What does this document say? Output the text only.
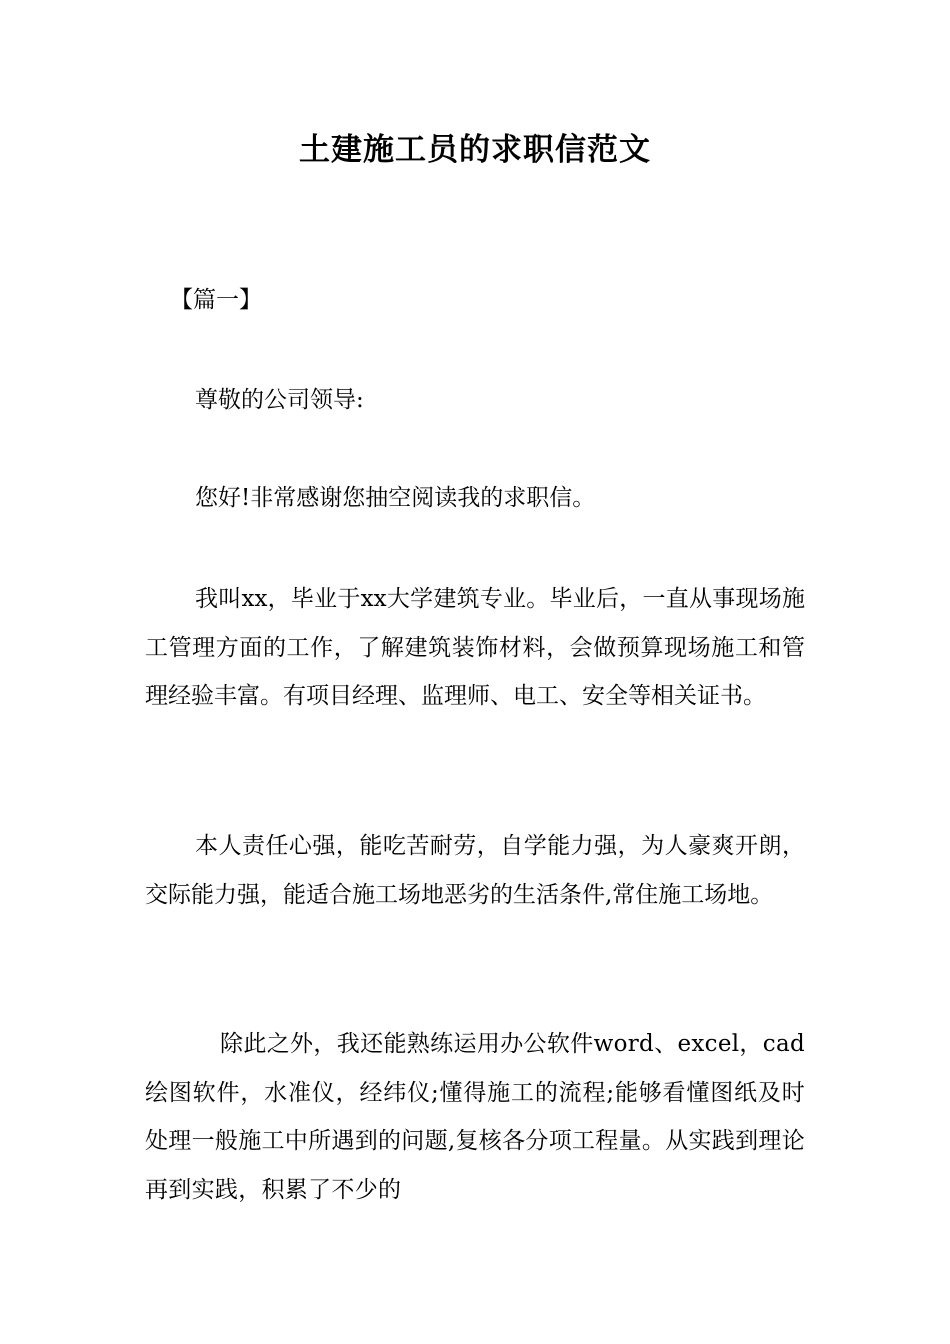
土建施工员的求职信范文
【篇一】

尊敬的公司领导:

您好!非常感谢您抽空阅读我的求职信。

我叫xx，毕业于xx大学建筑专业。毕业后，一直从事现场施工管理方面的工作，了解建筑装饰材料，会做预算现场施工和管理经验丰富。有项目经理、监理师、电工、安全等相关证书。

本人责任心强，能吃苦耐劳，自学能力强，为人豪爽开朗，交际能力强，能适合施工场地恶劣的生活条件,常住施工场地。

除此之外，我还能熟练运用办公软件word、excel，cad绘图软件，水准仪，经纬仪;懂得施工的流程;能够看懂图纸及时处理一般施工中所遇到的问题,复核各分项工程量。从实践到理论再到实践，积累了不少的
